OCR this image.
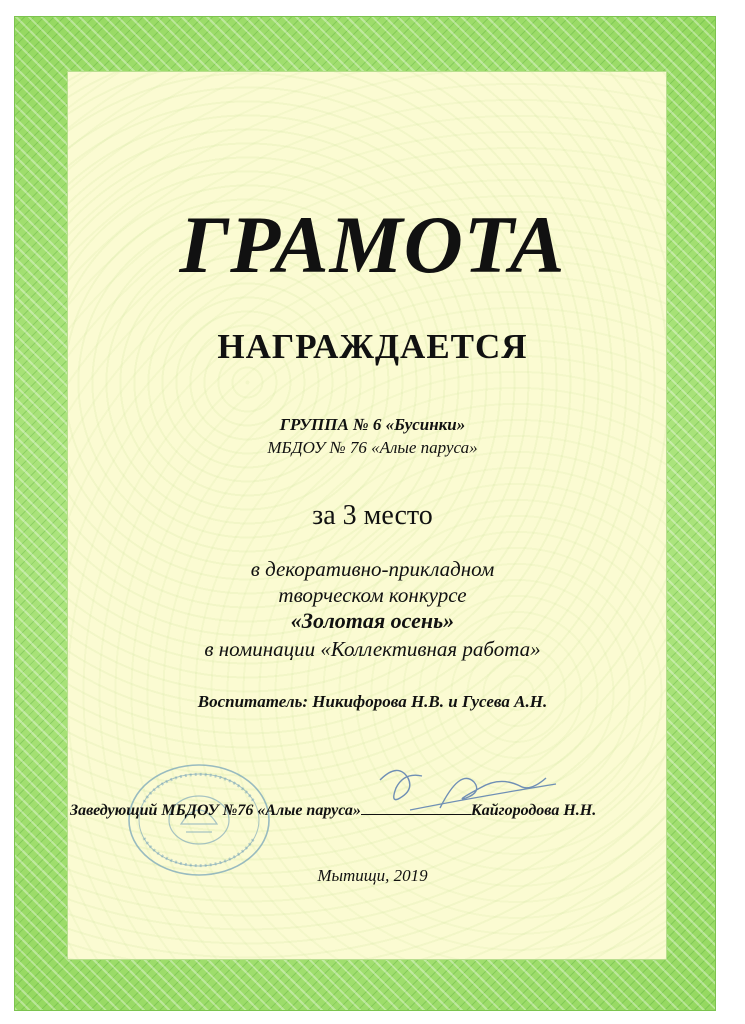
ГРАМОТА
НАГРАЖДАЕТСЯ
ГРУППА № 6 «Бусинки»
МБДОУ № 76 «Алые паруса»
за 3 место
в декоративно-прикладном
творческом конкурсе
«Золотая осень»
в номинации «Коллективная работа»
Воспитатель: Никифорова Н.В. и Гусева А.Н.
Заведующий МБДОУ №76 «Алые паруса»	Кайгородова Н.Н.
Мытищи, 2019
